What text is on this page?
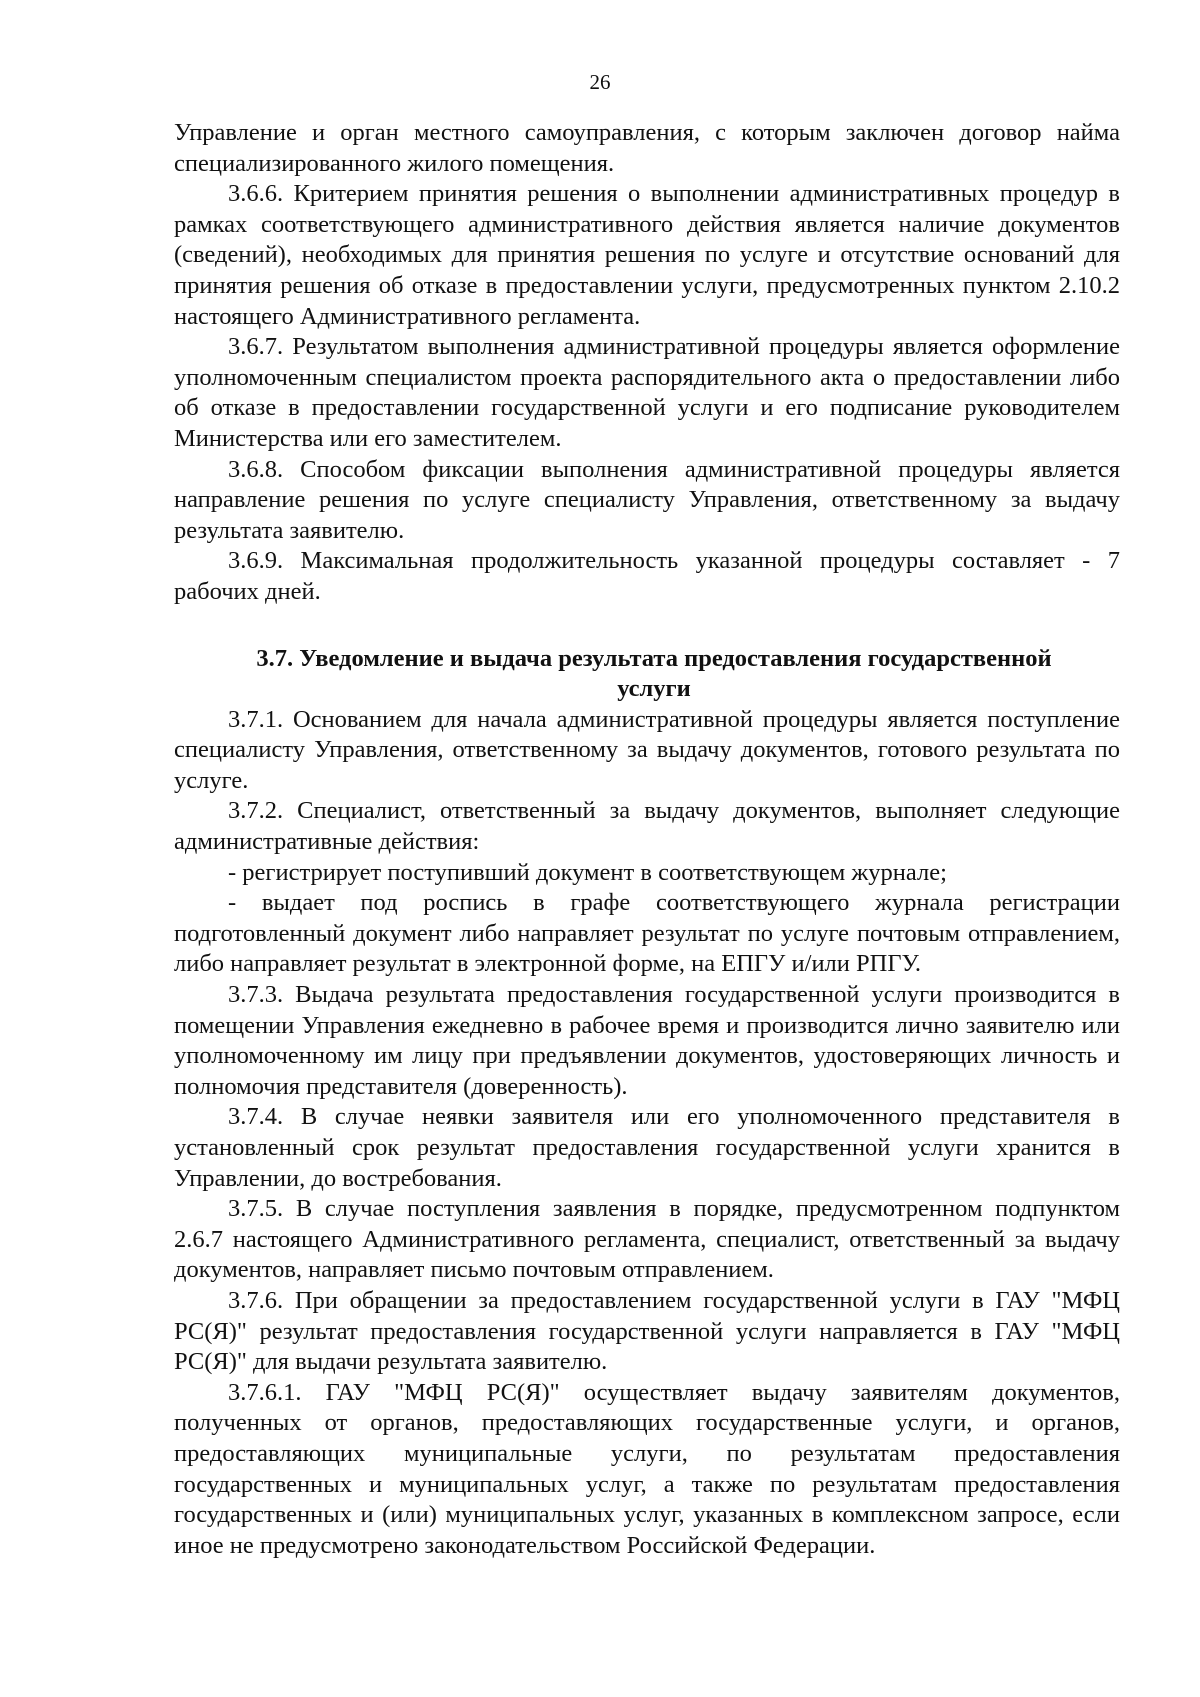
26

Управление и орган местного самоуправления, с которым заключен договор найма специализированного жилого помещения.

3.6.6. Критерием принятия решения о выполнении административных процедур в рамках соответствующего административного действия является наличие документов (сведений), необходимых для принятия решения по услуге и отсутствие оснований для принятия решения об отказе в предоставлении услуги, предусмотренных пунктом 2.10.2 настоящего Административного регламента.

3.6.7. Результатом выполнения административной процедуры является оформление уполномоченным специалистом проекта распорядительного акта о предоставлении либо об отказе в предоставлении государственной услуги и его подписание руководителем Министерства или его заместителем.

3.6.8. Способом фиксации выполнения административной процедуры является направление решения по услуге специалисту Управления, ответственному за выдачу результата заявителю.

3.6.9. Максимальная продолжительность указанной процедуры составляет - 7 рабочих дней.

3.7. Уведомление и выдача результата предоставления государственной услуги

3.7.1. Основанием для начала административной процедуры является поступление специалисту Управления, ответственному за выдачу документов, готового результата по услуге.

3.7.2. Специалист, ответственный за выдачу документов, выполняет следующие административные действия:

- регистрирует поступивший документ в соответствующем журнале;

- выдает под роспись в графе соответствующего журнала регистрации подготовленный документ либо направляет результат по услуге почтовым отправлением, либо направляет результат в электронной форме, на ЕПГУ и/или РПГУ.

3.7.3. Выдача результата предоставления государственной услуги производится в помещении Управления ежедневно в рабочее время и производится лично заявителю или уполномоченному им лицу при предъявлении документов, удостоверяющих личность и полномочия представителя (доверенность).

3.7.4. В случае неявки заявителя или его уполномоченного представителя в установленный срок результат предоставления государственной услуги хранится в Управлении, до востребования.

3.7.5. В случае поступления заявления в порядке, предусмотренном подпунктом 2.6.7 настоящего Административного регламента, специалист, ответственный за выдачу документов, направляет письмо почтовым отправлением.

3.7.6. При обращении за предоставлением государственной услуги в ГАУ "МФЦ РС(Я)" результат предоставления государственной услуги направляется в ГАУ "МФЦ РС(Я)" для выдачи результата заявителю.

3.7.6.1. ГАУ "МФЦ РС(Я)" осуществляет выдачу заявителям документов, полученных от органов, предоставляющих государственные услуги, и органов, предоставляющих муниципальные услуги, по результатам предоставления государственных и муниципальных услуг, а также по результатам предоставления государственных и (или) муниципальных услуг, указанных в комплексном запросе, если иное не предусмотрено законодательством Российской Федерации.
